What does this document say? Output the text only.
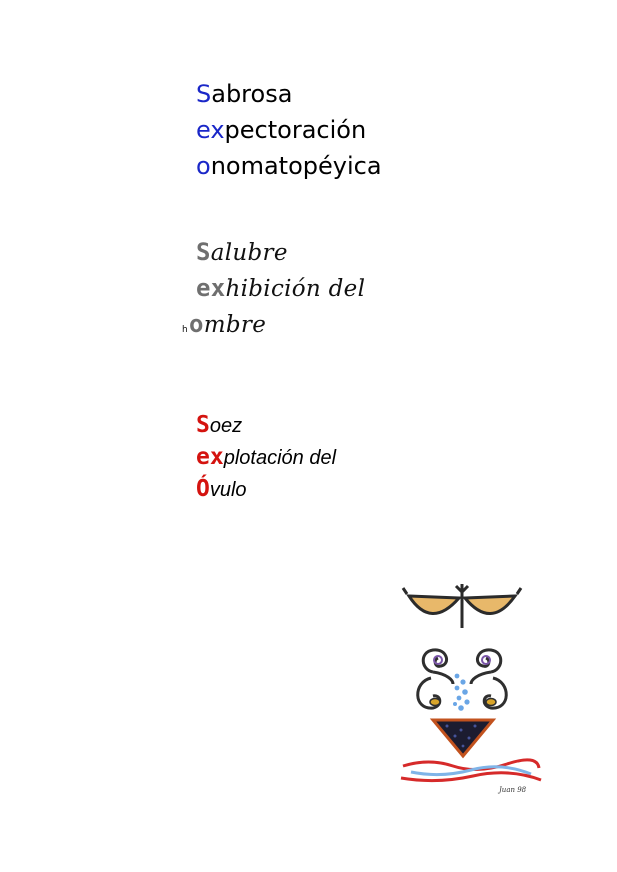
Sabrosa
expectoración
onomatopéyica
Salubre
exhibición del
hombre
Soez
explotación del
Óvulo
Juan 98
